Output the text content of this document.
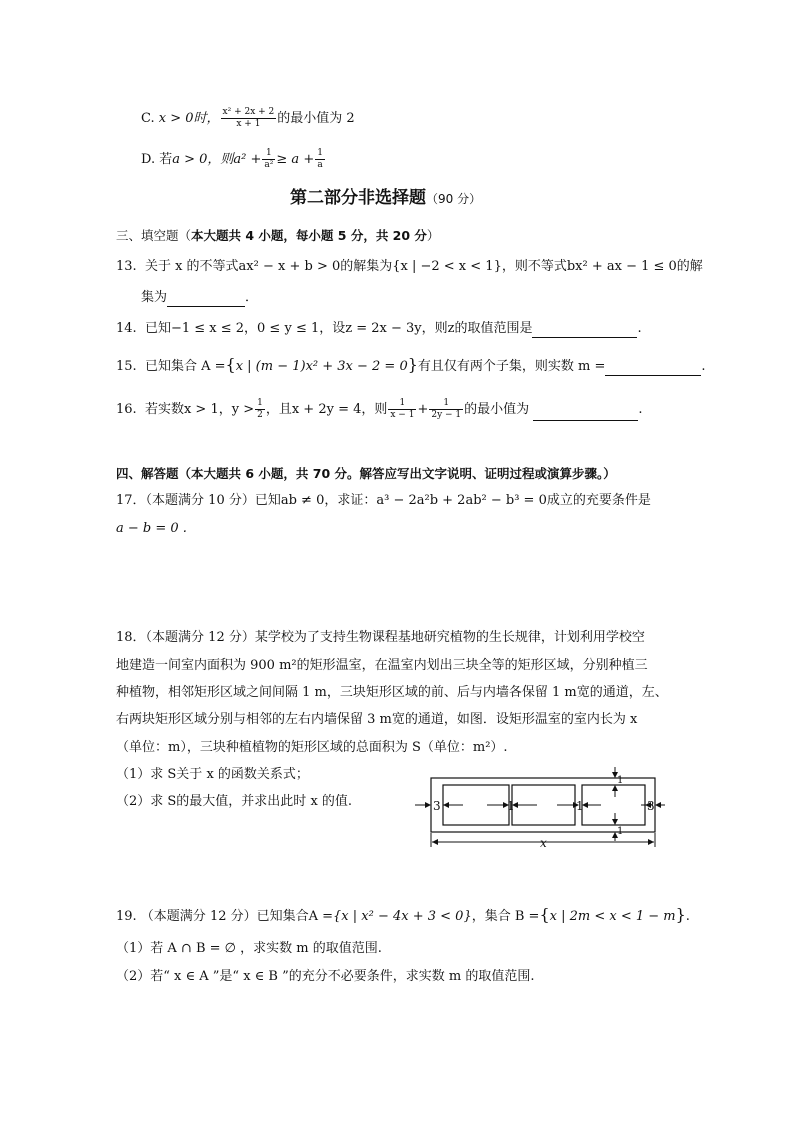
C. x > 0时， $\frac{\text{x² + 2x + 2}}{x + 1}$ 的最小值为 2
D. 若a > 0，则$a^2 + \frac{1}{\text{a²}} \ge a + \frac{1}{a}$
第二部分非选择题（90 分）
三、填空题（本大题共 4 小题，每小题 5 分，共 20 分）
13. 关于 x 的不等式ax² − x + b > 0的解集为{x | −2 < x < 1}，则不等式bx² + ax − 1 ≤ 0的解
集为	．
14. 已知−1 ≤ x ≤ 2，0 ≤ y ≤ 1，设z = 2x − 3y，则z的取值范围是	.
15. 已知集合 A ={x | (m − 1)x² + 3x − 2 = 0}有且仅有两个子集，则实数 m =	.
16. 若实数x > 1，$y > \frac{1}{2}$ ，且x + 2y = 4，则 $\frac{1}{x - 1} + \frac{1}{2y - 1}$ 的最小值为	.
四、解答题（本大题共 6 小题，共 70 分。解答应写出文字说明、证明过程或演算步骤。）
17．（本题满分 10 分）已知ab ≠ 0，求证：a³ − 2a²b + 2ab² − b³ = 0成立的充要条件是
a − b = 0 .
18．（本题满分 12 分）某学校为了支持生物课程基地研究植物的生长规律，计划利用学校空
地建造一间室内面积为 900 m²的矩形温室，在温室内划出三块全等的矩形区域，分别种植三
种植物，相邻矩形区域之间间隔 1 m，三块矩形区域的前、后与内墙各保留 1 m宽的通道，左、
右两块矩形区域分别与相邻的左右内墙保留 3 m宽的通道，如图．设矩形温室的室内长为 x
（单位：m），三块种植植物的矩形区域的总面积为 S（单位：m²）.
（1）求 S关于 x 的函数关系式；
（2）求 S的最大值，并求出此时 x 的值.	3	1	1	3
1
1
x
19. （本题满分 12 分）已知集合A ={x | x² − 4x + 3 < 0}，集合 B ={x | 2m < x < 1 − m}.
（1）若 A ∩ B = ∅ ，求实数 m 的取值范围.
（2）若“ x ∈ A ”是“ x ∈ B ”的充分不必要条件，求实数 m 的取值范围.
